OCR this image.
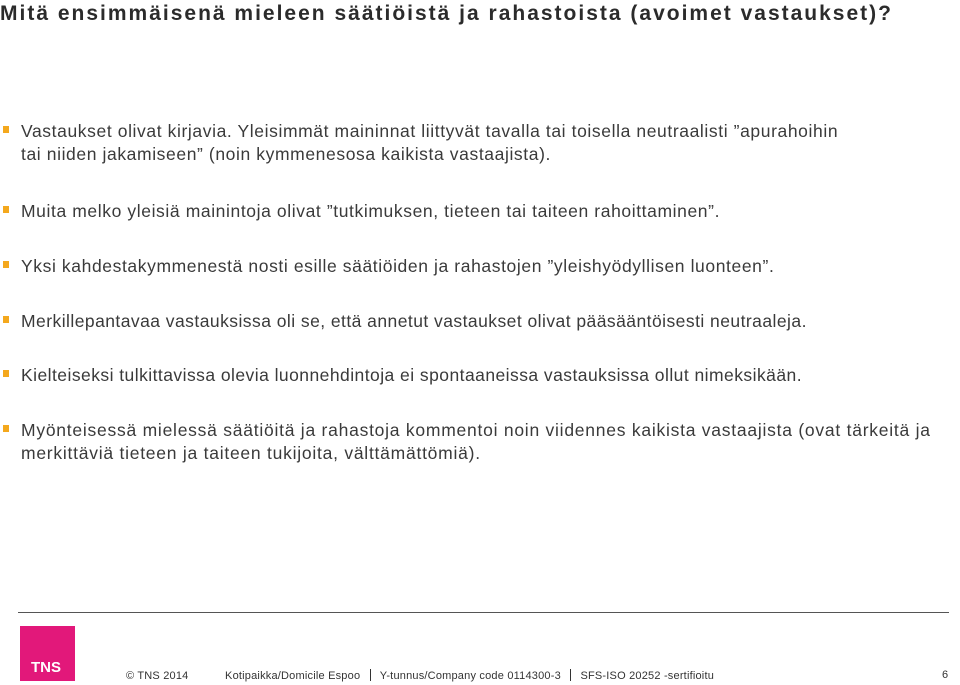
Mitä ensimmäisenä mieleen säätiöistä ja rahastoista (avoimet vastaukset)?
Vastaukset olivat kirjavia. Yleisimmät maininnat liittyvät tavalla tai toisella neutraalisti ”apurahoihin tai niiden jakamiseen” (noin kymmenesosa kaikista vastaajista).
Muita melko yleisiä mainintoja olivat ”tutkimuksen, tieteen tai taiteen rahoittaminen”.
Yksi kahdestakymmenestä nosti esille säätiöiden ja rahastojen ”yleishyödyllisen luonteen”.
Merkillepantavaa vastauksissa oli se, että annetut vastaukset olivat pääsääntöisesti neutraaleja.
Kielteiseksi tulkittavissa olevia luonnehdintoja ei spontaaneissa vastauksissa ollut nimeksikään.
Myönteisessä mielessä säätiöitä ja rahastoja kommentoi noin viidennes kaikista vastaajista (ovat tärkeitä ja merkittäviä tieteen ja taiteen tukijoita, välttämättömiä).
TNS	© TNS 2014	Kotipaikka/Domicile Espoo Y-tunnus/Company code 0114300-3 SFS-ISO 20252 -sertifioitu	6
